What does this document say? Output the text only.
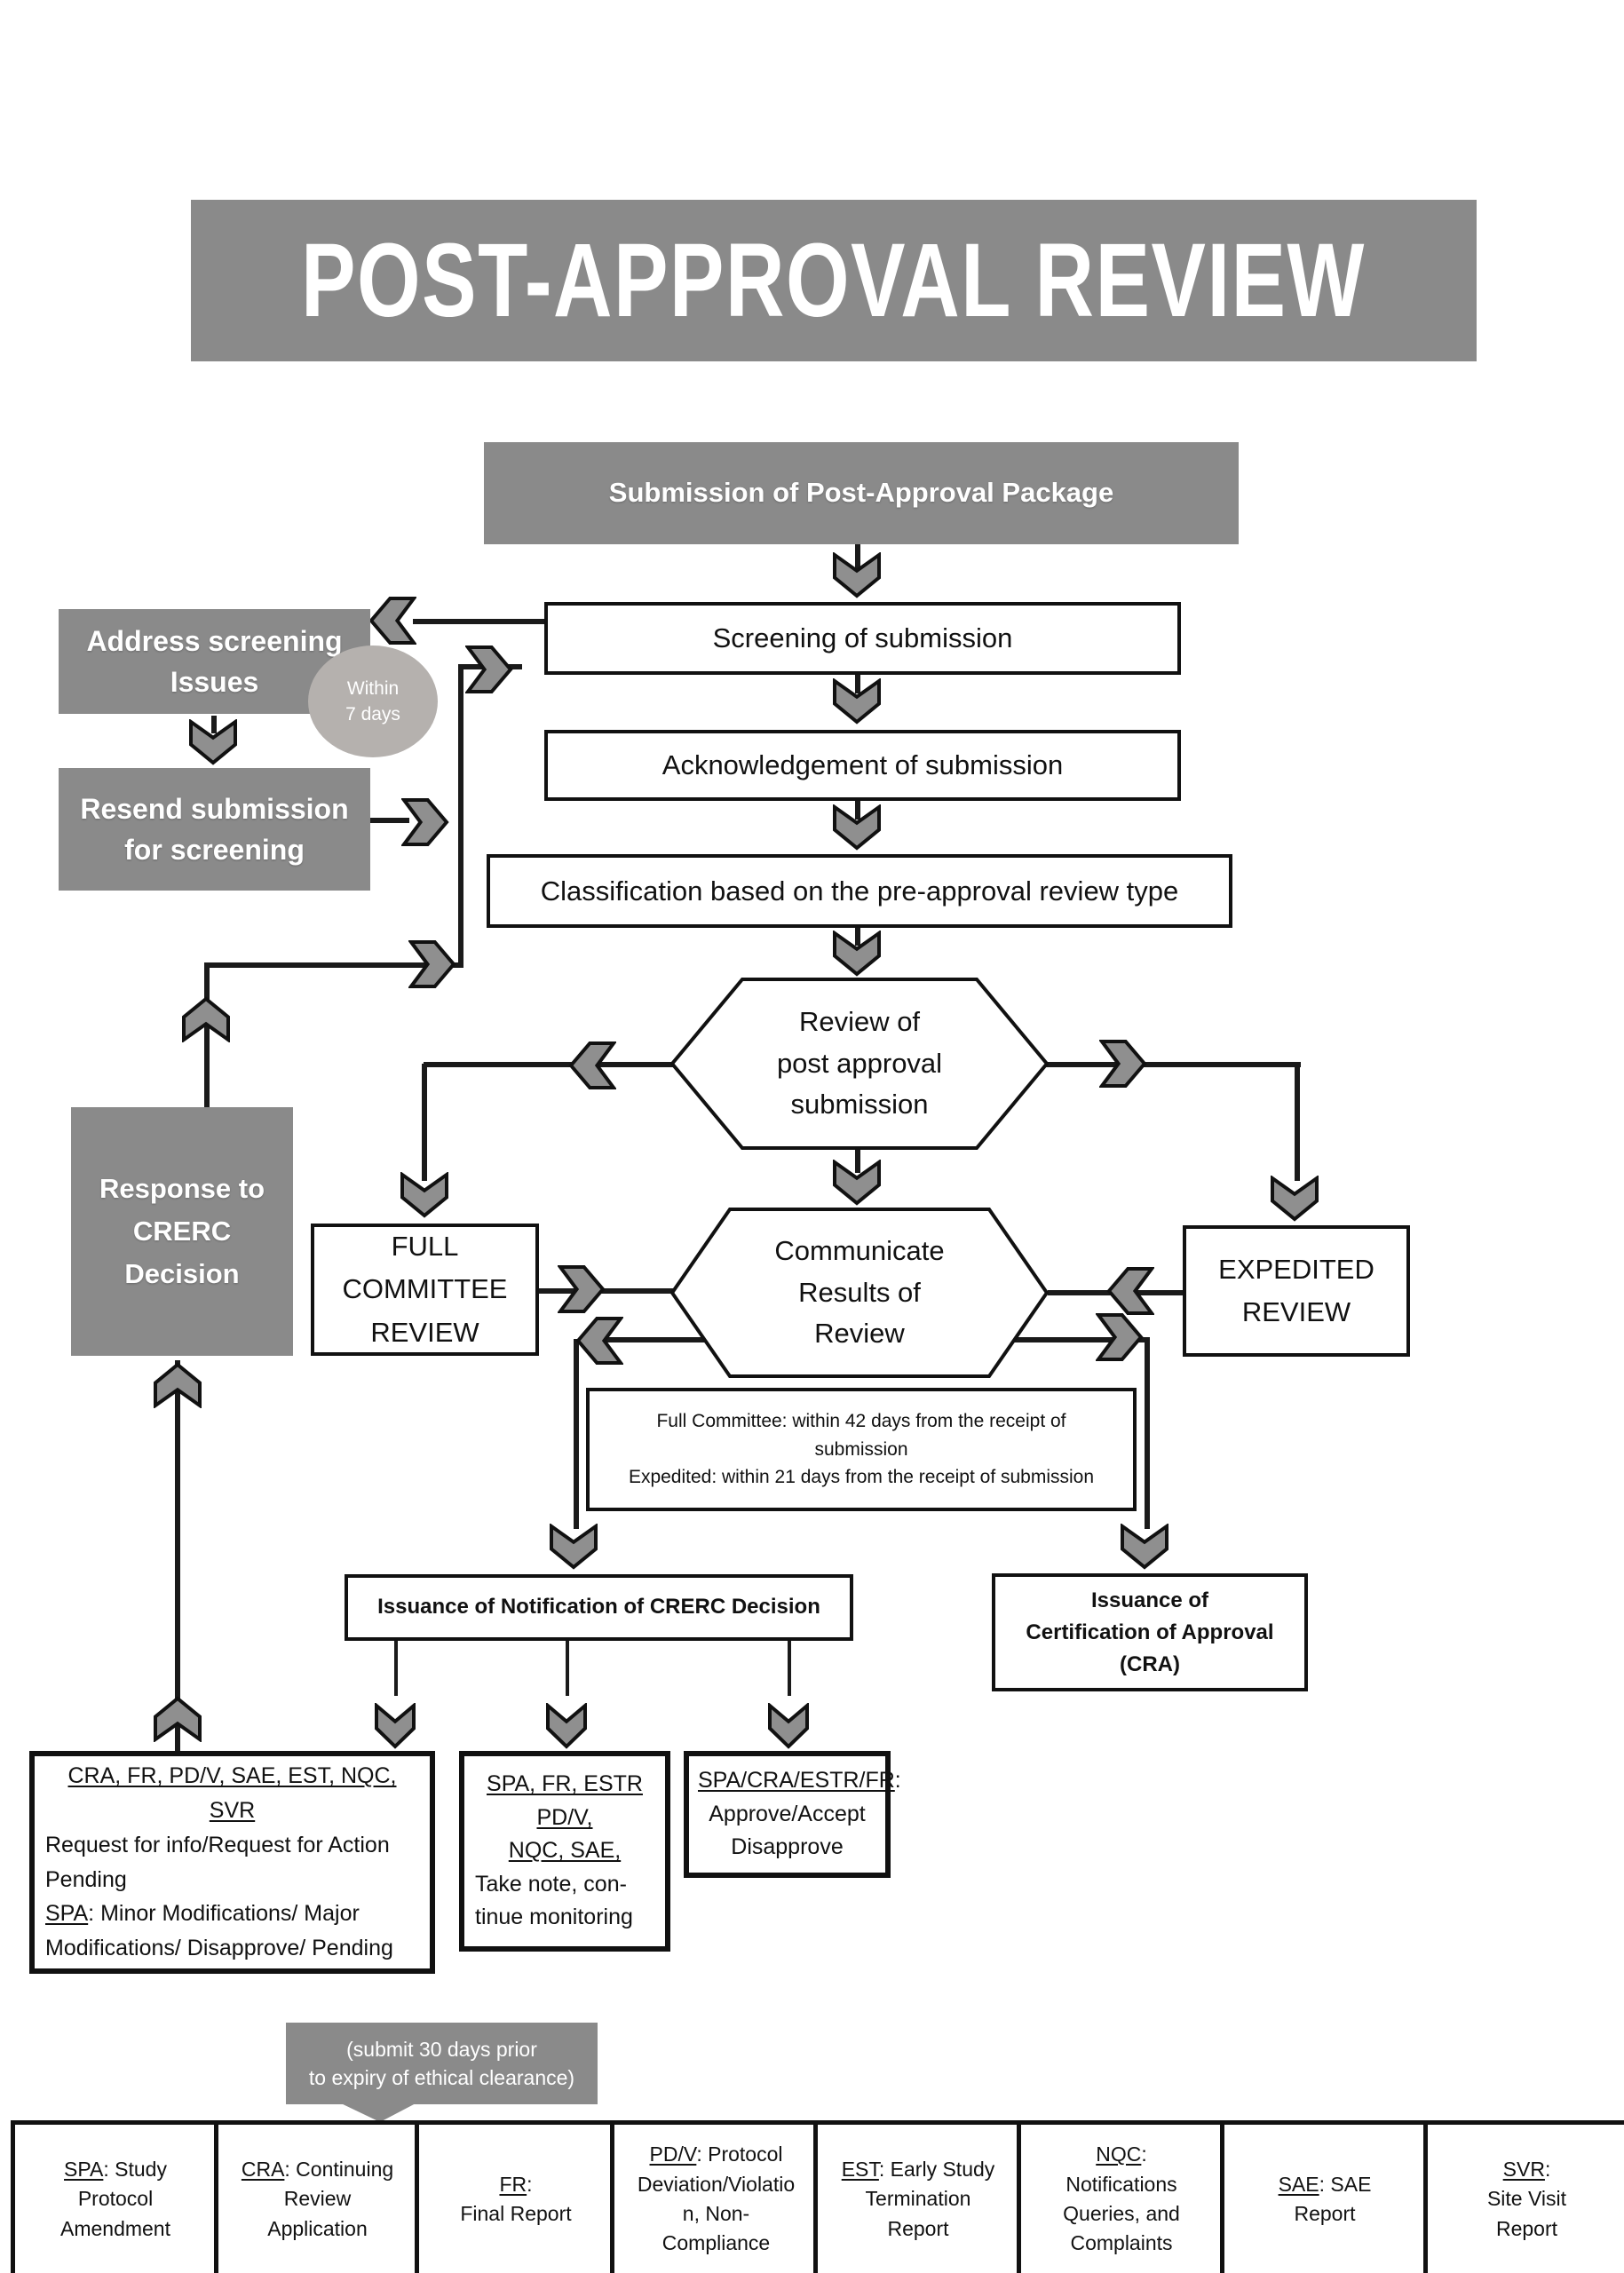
POST-APPROVAL REVIEW
Submission of Post-Approval Package
Screening of submission
Acknowledgement of submission
Classification based on the pre-approval review type
Address screening
Issues	Within
7 days
Resend submission
for screening
Response to
CRERC
Decision
Review of
post approval
submission
Communicate
Results of
Review
FULL
COMMITTEE
REVIEW
EXPEDITED
REVIEW
Full Committee: within 42 days from the receipt of
submission
Expedited: within 21 days from the receipt of submission
Issuance of Notification of CRERC Decision	Issuance of
Certification of Approval
(CRA)
CRA, FR, PD/V, SAE, EST, NQC, SVR
Request for info/Request for Action
Pending
SPA: Minor Modifications/ Major
Modifications/ Disapprove/ Pending
SPA, FR, ESTR
PD/V,
NQC, SAE,
Take note, con-
tinue monitoring
SPA/CRA/ESTR/FR:
Approve/Accept
Disapprove
(submit 30 days prior
to expiry of ethical clearance)
SPA: Study
Protocol
Amendment
CRA: Continuing
Review
Application
FR:
Final Report
PD/V: Protocol
Deviation/Violatio
n, Non-
Compliance
EST: Early Study
Termination
Report
NQC:
Notifications
Queries, and
Complaints
SAE: SAE
Report
SVR:
Site Visit
Report
